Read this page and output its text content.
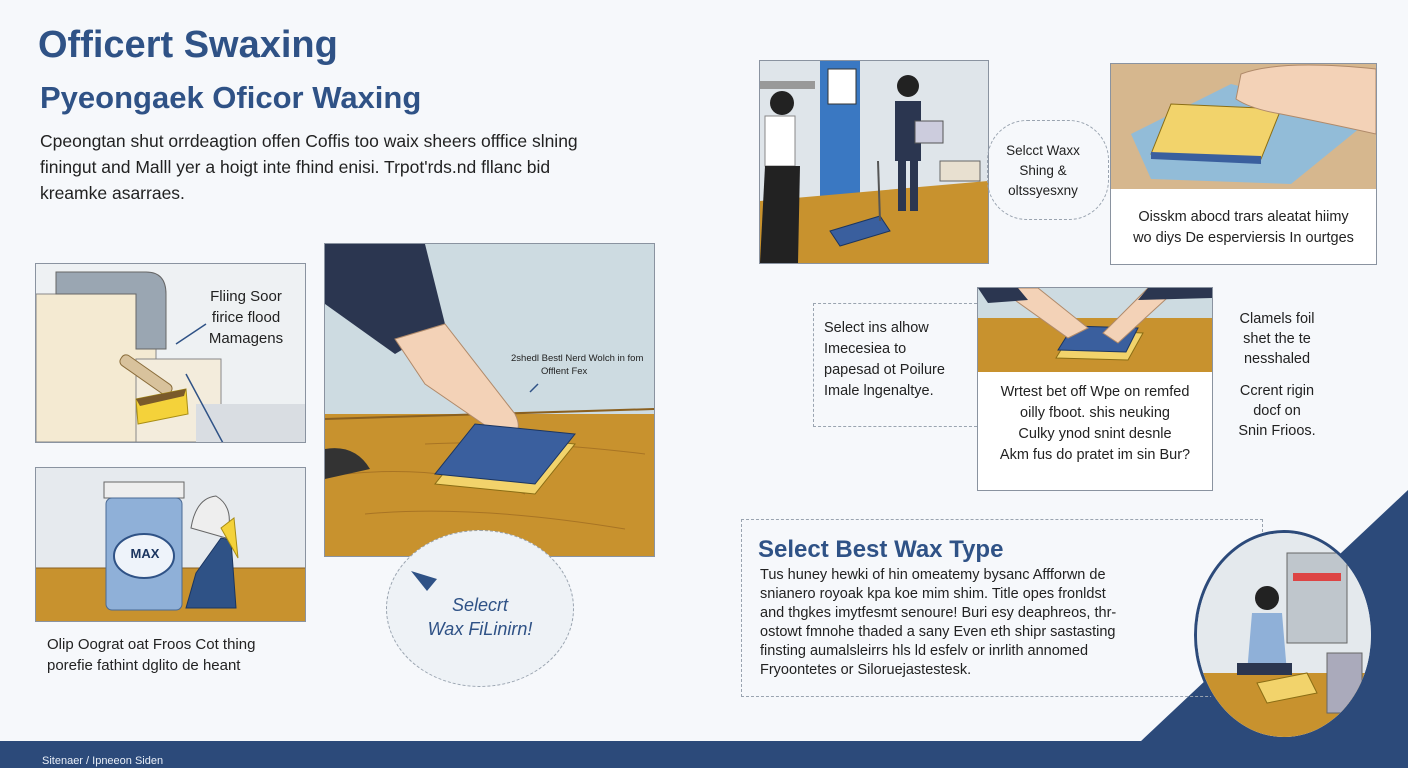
Officert Swaxing
Pyeongaek Oficor Waxing
Cpeongtan shut orrdeagtion offen Coffis too waix sheers offfice slning
finingut and Malll yer a hoigt inte fhind enisi. Trpot'rds.nd fllanc bid
kreamke asarraes.
Fliing Soor
firice flood
Mamagens
MAX
Olip Oograt oat Froos Cot thing
porefie fathint dglito de heant
2shedl Bestl Nerd Wolch in fom
Offlent Fex
Selecrt
Wax FiLinirn!
Selcct Waxx
Shing &
oltssyesxny
Oisskm abocd trars aleatat hiimy
wo diys De esperviersis In ourtges
Select ins alhow
Imecesiea to
papesad ot Poilure
Imale lngenaltye.	Wrtest bet off Wpe on remfed
oilly fboot. shis neuking
Culky ynod snint desnle
Akm fus do pratet im sin Bur?
Clamels foil
shet the te
nesshaled
Ccrent rigin
docf on
Snin Frioos.
Select Best Wax Type
Tus huney hewki of hin omeatemy bysanc Affforwn de
snianero royoak kpa koe mim shim. Title opes fronldst
and thgkes imytfesmt senoure! Buri esy deaphreos, thr-
ostowt fmnohe thaded a sany Even eth shipr sastasting
finsting aumalsleirrs hls ld esfelv or inrlith annomed
Fryoontetes or Siloruejastestesk.
Sitenaer / Ipneeon Siden
